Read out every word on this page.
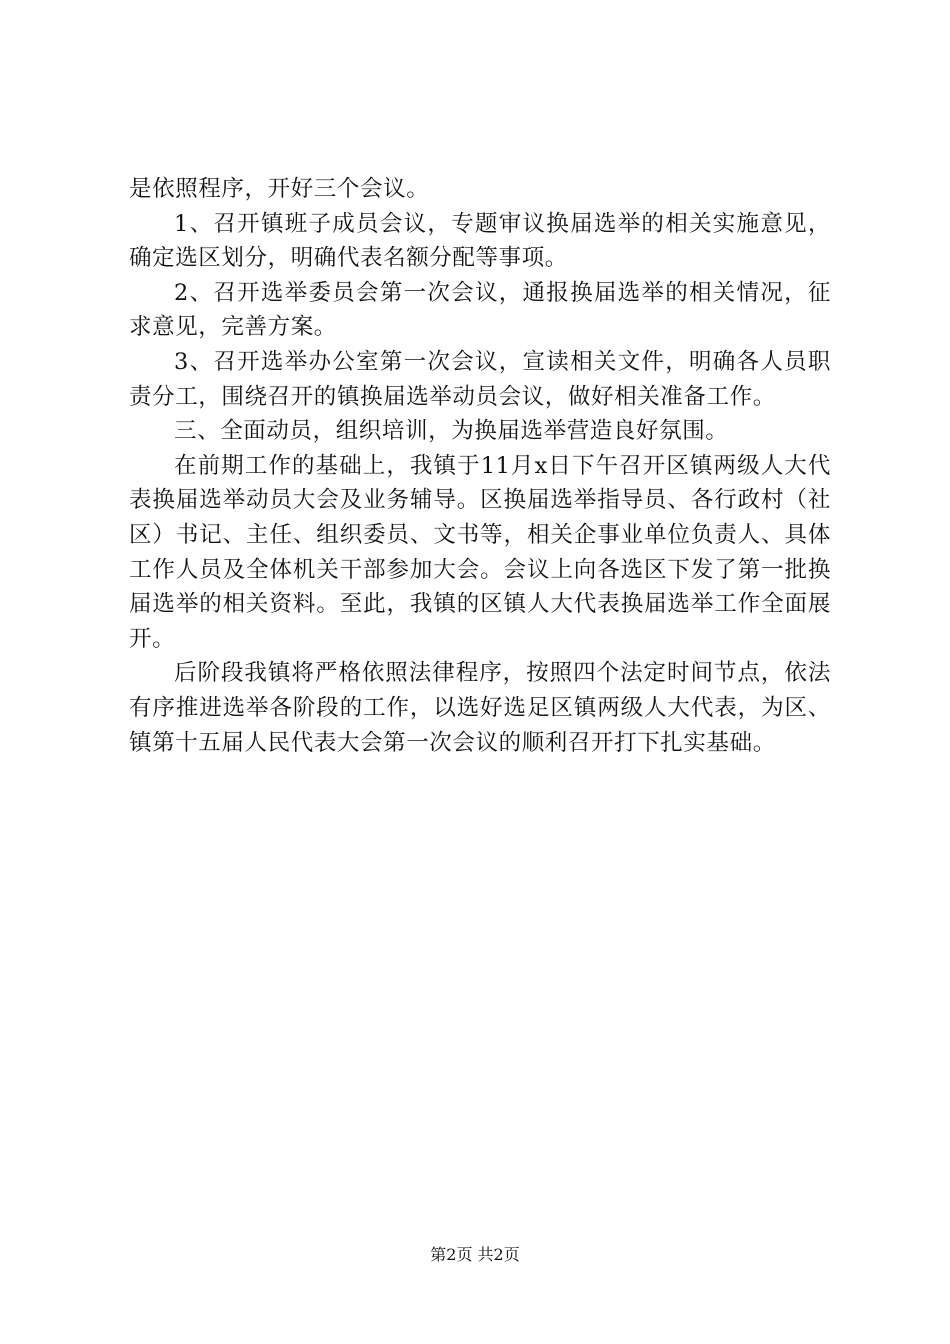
是依照程序，开好三个会议。

1、召开镇班子成员会议，专题审议换届选举的相关实施意见，确定选区划分，明确代表名额分配等事项。

2、召开选举委员会第一次会议，通报换届选举的相关情况，征求意见，完善方案。

3、召开选举办公室第一次会议，宣读相关文件，明确各人员职责分工，围绕召开的镇换届选举动员会议，做好相关准备工作。

三、全面动员，组织培训，为换届选举营造良好氛围。

在前期工作的基础上，我镇于11月x日下午召开区镇两级人大代表换届选举动员大会及业务辅导。区换届选举指导员、各行政村（社区）书记、主任、组织委员、文书等，相关企事业单位负责人、具体工作人员及全体机关干部参加大会。会议上向各选区下发了第一批换届选举的相关资料。至此，我镇的区镇人大代表换届选举工作全面展开。

后阶段我镇将严格依照法律程序，按照四个法定时间节点，依法有序推进选举各阶段的工作，以选好选足区镇两级人大代表，为区、镇第十五届人民代表大会第一次会议的顺利召开打下扎实基础。

第2页 共2页
